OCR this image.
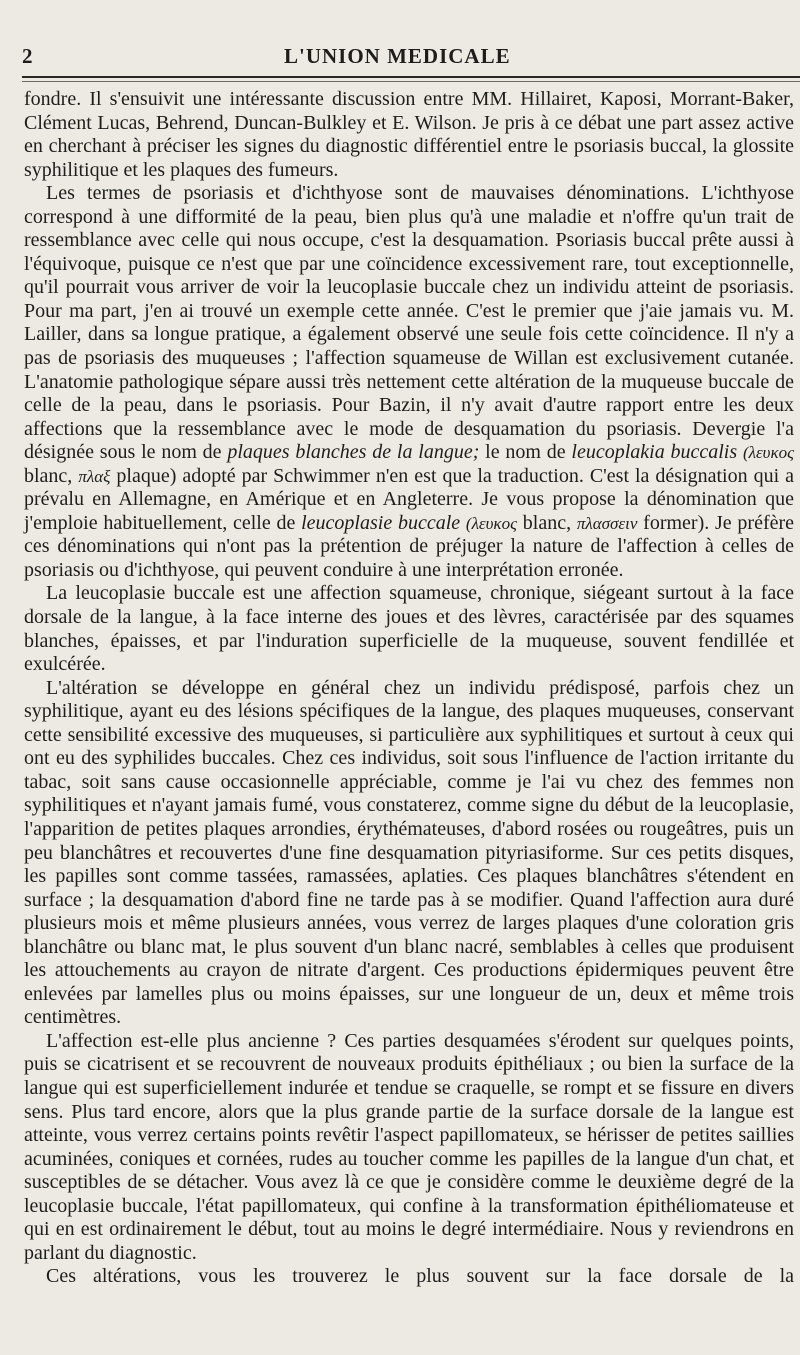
2	L'UNION MEDICALE

fondre. Il s'ensuivit une intéressante discussion entre MM. Hillairet, Kaposi, Morrant-Baker, Clément Lucas, Behrend, Duncan-Bulkley et E. Wilson. Je pris à ce débat une part assez active en cherchant à préciser les signes du diagnostic différentiel entre le psoriasis buccal, la glossite syphilitique et les plaques des fumeurs.

Les termes de psoriasis et d'ichthyose sont de mauvaises dénominations. L'ichthyose correspond à une difformité de la peau, bien plus qu'à une maladie et n'offre qu'un trait de ressemblance avec celle qui nous occupe, c'est la desquamation. Psoriasis buccal prête aussi à l'équivoque, puisque ce n'est que par une coïncidence excessivement rare, tout exceptionnelle, qu'il pourrait vous arriver de voir la leucoplasie buccale chez un individu atteint de psoriasis. Pour ma part, j'en ai trouvé un exemple cette année. C'est le premier que j'aie jamais vu. M. Lailler, dans sa longue pratique, a également observé une seule fois cette coïncidence. Il n'y a pas de psoriasis des muqueuses ; l'affection squameuse de Willan est exclusivement cutanée. L'anatomie pathologique sépare aussi très nettement cette altération de la muqueuse buccale de celle de la peau, dans le psoriasis. Pour Bazin, il n'y avait d'autre rapport entre les deux affections que la ressemblance avec le mode de desquamation du psoriasis. Devergie l'a désignée sous le nom de plaques blanches de la langue; le nom de leucoplakia buccalis (λευκος blanc, πλαξ plaque) adopté par Schwimmer n'en est que la traduction. C'est la désignation qui a prévalu en Allemagne, en Amérique et en Angleterre. Je vous propose la dénomination que j'emploie habituellement, celle de leucoplasie buccale (λευκος blanc, πλασσειν former). Je préfère ces dénominations qui n'ont pas la prétention de préjuger la nature de l'affection à celles de psoriasis ou d'ichthyose, qui peuvent conduire à une interprétation erronée.

La leucoplasie buccale est une affection squameuse, chronique, siégeant surtout à la face dorsale de la langue, à la face interne des joues et des lèvres, caractérisée par des squames blanches, épaisses, et par l'induration superficielle de la muqueuse, souvent fendillée et exulcérée.

L'altération se développe en général chez un individu prédisposé, parfois chez un syphilitique, ayant eu des lésions spécifiques de la langue, des plaques muqueuses, conservant cette sensibilité excessive des muqueuses, si particulière aux syphilitiques et surtout à ceux qui ont eu des syphilides buccales. Chez ces individus, soit sous l'influence de l'action irritante du tabac, soit sans cause occasionnelle appréciable, comme je l'ai vu chez des femmes non syphilitiques et n'ayant jamais fumé, vous constaterez, comme signe du début de la leucoplasie, l'apparition de petites plaques arrondies, érythémateuses, d'abord rosées ou rougeâtres, puis un peu blanchâtres et recouvertes d'une fine desquamation pityriasiforme. Sur ces petits disques, les papilles sont comme tassées, ramassées, aplaties. Ces plaques blanchâtres s'étendent en surface ; la desquamation d'abord fine ne tarde pas à se modifier. Quand l'affection aura duré plusieurs mois et même plusieurs années, vous verrez de larges plaques d'une coloration gris blanchâtre ou blanc mat, le plus souvent d'un blanc nacré, semblables à celles que produisent les attouchements au crayon de nitrate d'argent. Ces productions épidermiques peuvent être enlevées par lamelles plus ou moins épaisses, sur une longueur de un, deux et même trois centimètres.

L'affection est-elle plus ancienne ? Ces parties desquamées s'érodent sur quelques points, puis se cicatrisent et se recouvrent de nouveaux produits épithéliaux ; ou bien la surface de la langue qui est superficiellement indurée et tendue se craquelle, se rompt et se fissure en divers sens. Plus tard encore, alors que la plus grande partie de la surface dorsale de la langue est atteinte, vous verrez certains points revêtir l'aspect papillomateux, se hérisser de petites saillies acuminées, coniques et cornées, rudes au toucher comme les papilles de la langue d'un chat, et susceptibles de se détacher. Vous avez là ce que je considère comme le deuxième degré de la leucoplasie buccale, l'état papillomateux, qui confine à la transformation épithéliomateuse et qui en est ordinairement le début, tout au moins le degré intermédiaire. Nous y reviendrons en parlant du diagnostic.

Ces altérations, vous les trouverez le plus souvent sur la face dorsale de la
